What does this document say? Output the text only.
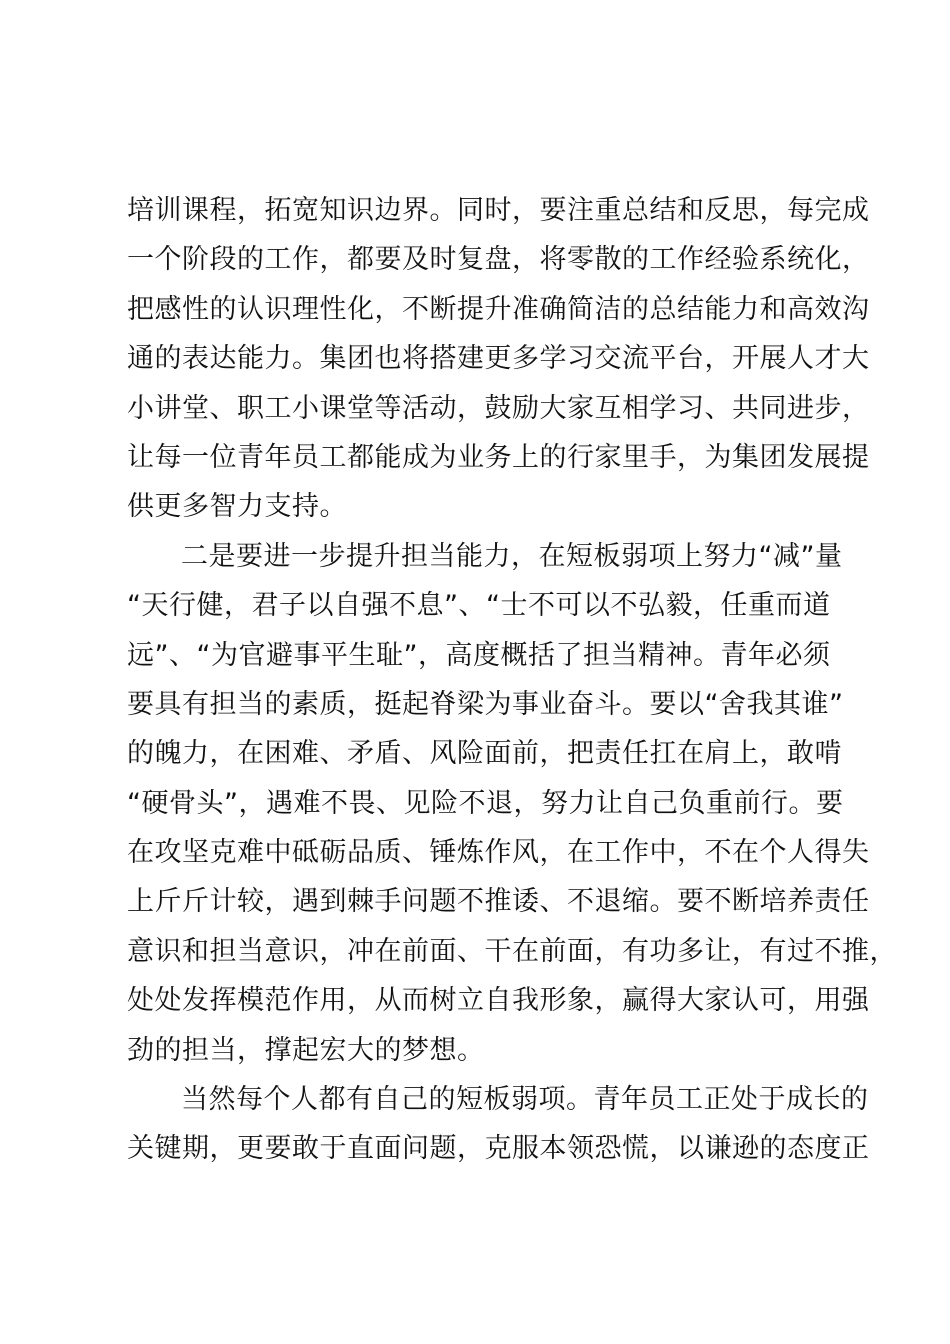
培训课程，拓宽知识边界。同时，要注重总结和反思，每完成
一个阶段的工作，都要及时复盘，将零散的工作经验系统化，
把感性的认识理性化，不断提升准确简洁的总结能力和高效沟
通的表达能力。集团也将搭建更多学习交流平台，开展人才大
小讲堂、职工小课堂等活动，鼓励大家互相学习、共同进步，
让每一位青年员工都能成为业务上的行家里手，为集团发展提
供更多智力支持。
二是要进一步提升担当能力，在短板弱项上努力“减”量
“天行健，君子以自强不息”、“士不可以不弘毅，任重而道
远”、“为官避事平生耻”，高度概括了担当精神。青年必须
要具有担当的素质，挺起脊梁为事业奋斗。要以“舍我其谁”
的魄力，在困难、矛盾、风险面前，把责任扛在肩上，敢啃
“硬骨头”，遇难不畏、见险不退，努力让自己负重前行。要
在攻坚克难中砥砺品质、锤炼作风，在工作中，不在个人得失
上斤斤计较，遇到棘手问题不推诿、不退缩。要不断培养责任
意识和担当意识，冲在前面、干在前面，有功多让，有过不推，
处处发挥模范作用，从而树立自我形象，赢得大家认可，用强
劲的担当，撑起宏大的梦想。
当然每个人都有自己的短板弱项。青年员工正处于成长的
关键期，更要敢于直面问题，克服本领恐慌，以谦逊的态度正
